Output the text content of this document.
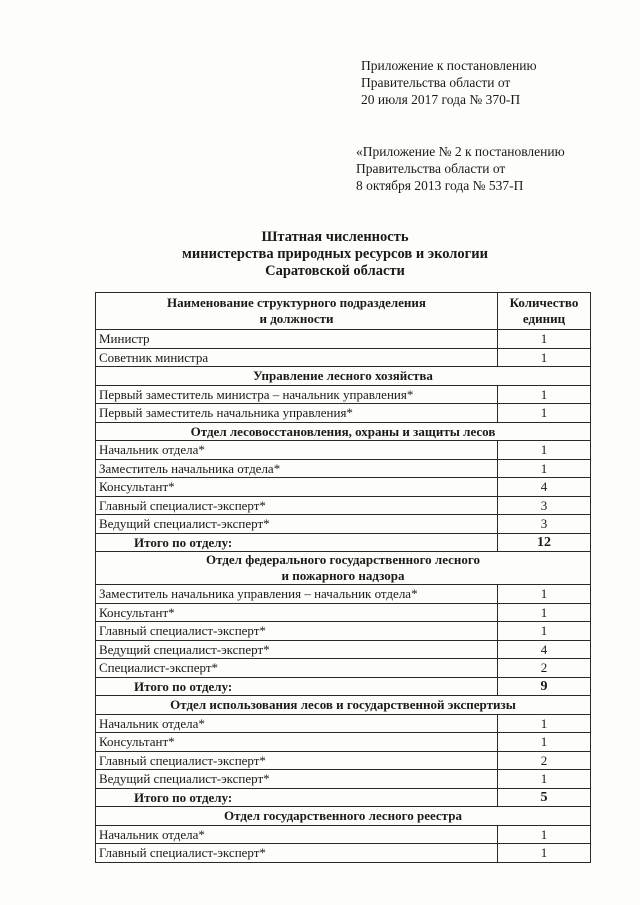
Приложение к постановлению
Правительства области от
20 июля 2017 года № 370-П
«Приложение № 2 к постановлению
Правительства области от
8 октября 2013 года № 537-П
Штатная численность
министерства природных ресурсов и экологии
Саратовской области
Наименование структурного подразделения
и должности	Количество
единиц
Министр	1
Советник министра	1
Управление лесного хозяйства	
Первый заместитель министра – начальник управления*	1
Первый заместитель начальника управления*	1
Отдел лесовосстановления, охраны и защиты лесов	
Начальник отдела*	1
Заместитель начальника отдела*	1
Консультант*	4
Главный специалист-эксперт*	3
Ведущий специалист-эксперт*	3
Итого по отделу:	12
Отдел федерального государственного лесного
и пожарного надзора	
Заместитель начальника управления – начальник отдела*	1
Консультант*	1
Главный специалист-эксперт*	1
Ведущий специалист-эксперт*	4
Специалист-эксперт*	2
Итого по отделу:	9
Отдел использования лесов и государственной экспертизы	
Начальник отдела*	1
Консультант*	1
Главный специалист-эксперт*	2
Ведущий специалист-эксперт*	1
Итого по отделу:	5
Отдел государственного лесного реестра	
Начальник отдела*	1
Главный специалист-эксперт*	1
